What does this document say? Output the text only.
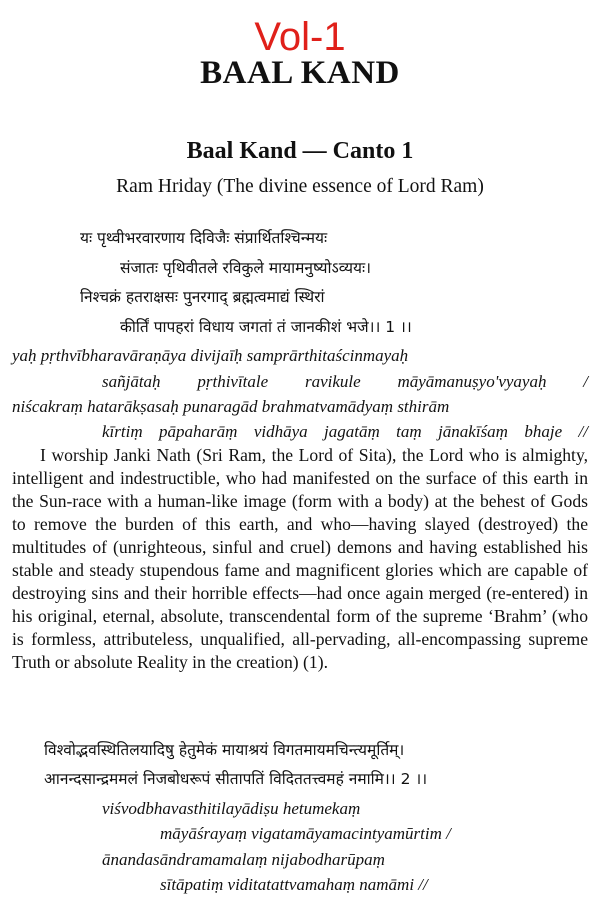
Vol-1
BAAL KAND
Baal Kand — Canto 1
Ram Hriday (The divine essence of Lord Ram)
यः पृथ्वीभरवारणाय दिविजैः संप्रार्थितश्चिन्मयः
संजातः पृथिवीतले रविकुले मायामनुष्योऽव्ययः।
निश्चक्रं हतराक्षसः पुनरगाद् ब्रह्मत्वमाद्यं स्थिरां
कीर्तिं पापहरां विधाय जगतां तं जानकीशं भजे।। 1 ।।
yaḥ pṛthvībharavāraṇāya divijaīḥ samprārthitaścinmayaḥ
sañjātaḥ pṛthivītale ravikule māyāmanuṣyo'vyayaḥ /
niścakraṃ hatarākṣasaḥ punaragād brahmatvamādyaṃ sthirām
kīrtiṃ pāpaharāṃ vidhāya jagatāṃ taṃ jānakīśaṃ bhaje //
I worship Janki Nath (Sri Ram, the Lord of Sita), the Lord who is almighty, intelligent and indestructible, who had manifested on the surface of this earth in the Sun-race with a human-like image (form with a body) at the behest of Gods to remove the burden of this earth, and who—having slayed (destroyed) the multitudes of (unrighteous, sinful and cruel) demons and having established his stable and steady stupendous fame and magnificent glories which are capable of destroying sins and their horrible effects—had once again merged (re-entered) in his original, eternal, absolute, transcendental form of the supreme ‘Brahm’ (who is formless, attributeless, unqualified, all-pervading, all-encompassing supreme Truth or absolute Reality in the creation) (1).
विश्वोद्भवस्थितिलयादिषु हेतुमेकं मायाश्रयं विगतमायमचिन्त्यमूर्तिम्।
आनन्दसान्द्रममलं निजबोधरूपं सीतापतिं विदिततत्त्वमहं नमामि।। 2 ।।
viśvodbhavasthitilayādiṣu hetumekaṃ
māyāśrayaṃ vigatamāyamacintyamūrtim /
ānandasāndramamalaṃ nijabodharūpaṃ
sītāpatiṃ viditatattvamahaṃ namāmi //
